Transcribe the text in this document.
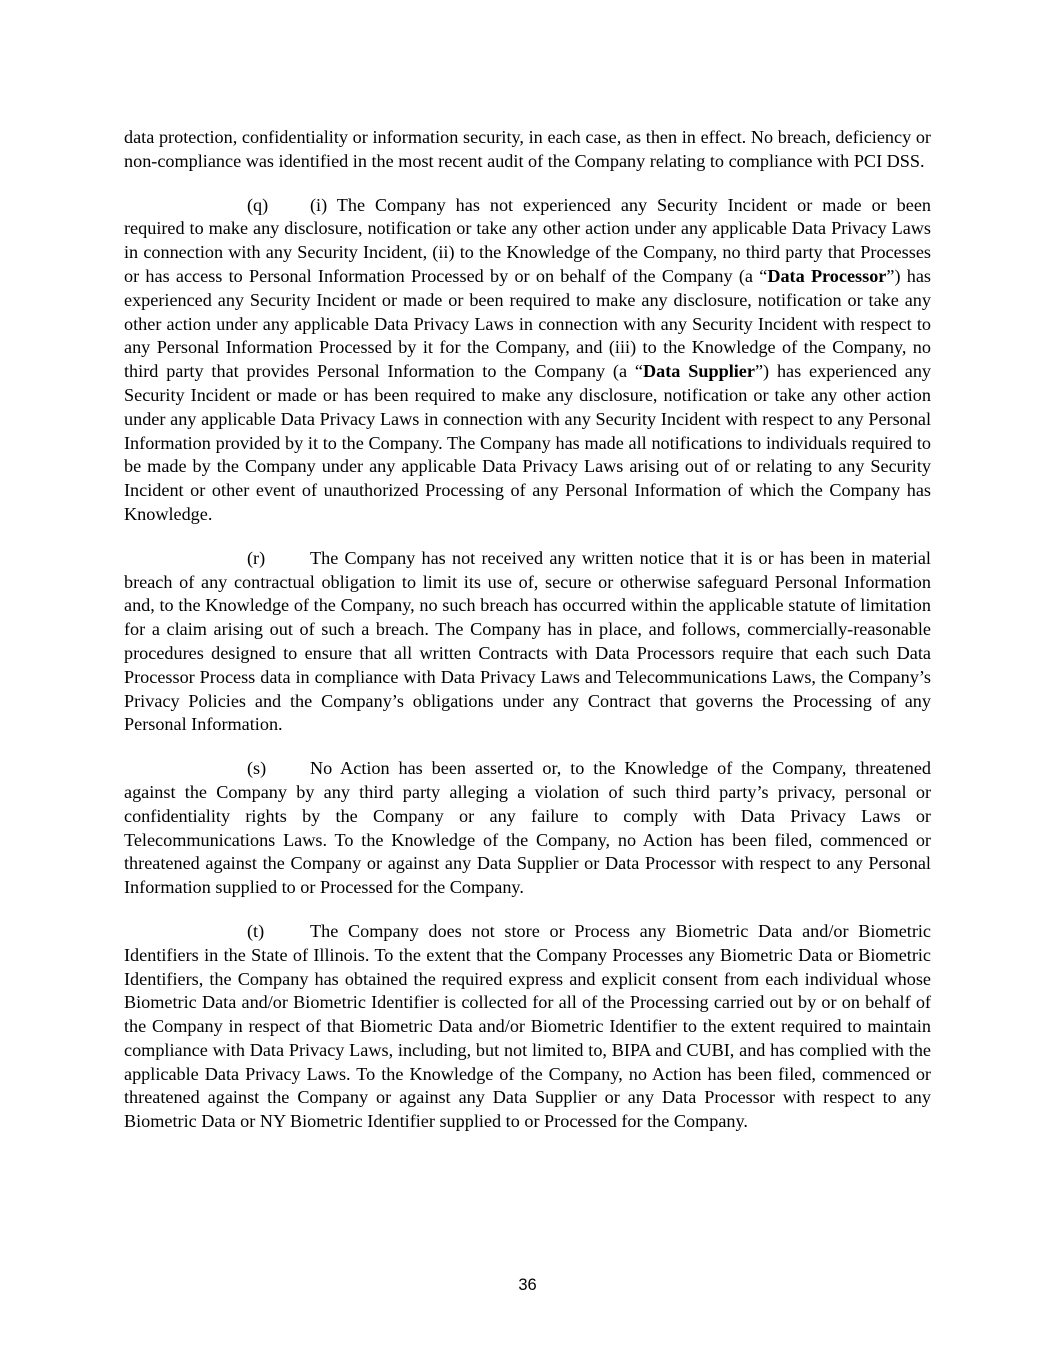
data protection, confidentiality or information security, in each case, as then in effect. No breach, deficiency or non-compliance was identified in the most recent audit of the Company relating to compliance with PCI DSS.

(q) (i) The Company has not experienced any Security Incident or made or been required to make any disclosure, notification or take any other action under any applicable Data Privacy Laws in connection with any Security Incident, (ii) to the Knowledge of the Company, no third party that Processes or has access to Personal Information Processed by or on behalf of the Company (a “Data Processor”) has experienced any Security Incident or made or been required to make any disclosure, notification or take any other action under any applicable Data Privacy Laws in connection with any Security Incident with respect to any Personal Information Processed by it for the Company, and (iii) to the Knowledge of the Company, no third party that provides Personal Information to the Company (a “Data Supplier”) has experienced any Security Incident or made or has been required to make any disclosure, notification or take any other action under any applicable Data Privacy Laws in connection with any Security Incident with respect to any Personal Information provided by it to the Company. The Company has made all notifications to individuals required to be made by the Company under any applicable Data Privacy Laws arising out of or relating to any Security Incident or other event of unauthorized Processing of any Personal Information of which the Company has Knowledge.

(r) The Company has not received any written notice that it is or has been in material breach of any contractual obligation to limit its use of, secure or otherwise safeguard Personal Information and, to the Knowledge of the Company, no such breach has occurred within the applicable statute of limitation for a claim arising out of such a breach. The Company has in place, and follows, commercially-reasonable procedures designed to ensure that all written Contracts with Data Processors require that each such Data Processor Process data in compliance with Data Privacy Laws and Telecommunications Laws, the Company’s Privacy Policies and the Company’s obligations under any Contract that governs the Processing of any Personal Information.

(s) No Action has been asserted or, to the Knowledge of the Company, threatened against the Company by any third party alleging a violation of such third party’s privacy, personal or confidentiality rights by the Company or any failure to comply with Data Privacy Laws or Telecommunications Laws. To the Knowledge of the Company, no Action has been filed, commenced or threatened against the Company or against any Data Supplier or Data Processor with respect to any Personal Information supplied to or Processed for the Company.

(t)	The Company does not store or Process any Biometric Data and/or Biometric Identifiers in the State of Illinois. To the extent that the Company Processes any Biometric Data or Biometric Identifiers, the Company has obtained the required express and explicit consent from each individual whose Biometric Data and/or Biometric Identifier is collected for all of the Processing carried out by or on behalf of the Company in respect of that Biometric Data and/or Biometric Identifier to the extent required to maintain compliance with Data Privacy Laws, including, but not limited to, BIPA and CUBI, and has complied with the applicable Data Privacy Laws. To the Knowledge of the Company, no Action has been filed, commenced or threatened against the Company or against any Data Supplier or any Data Processor with respect to any Biometric Data or NY Biometric Identifier supplied to or Processed for the Company.

36
